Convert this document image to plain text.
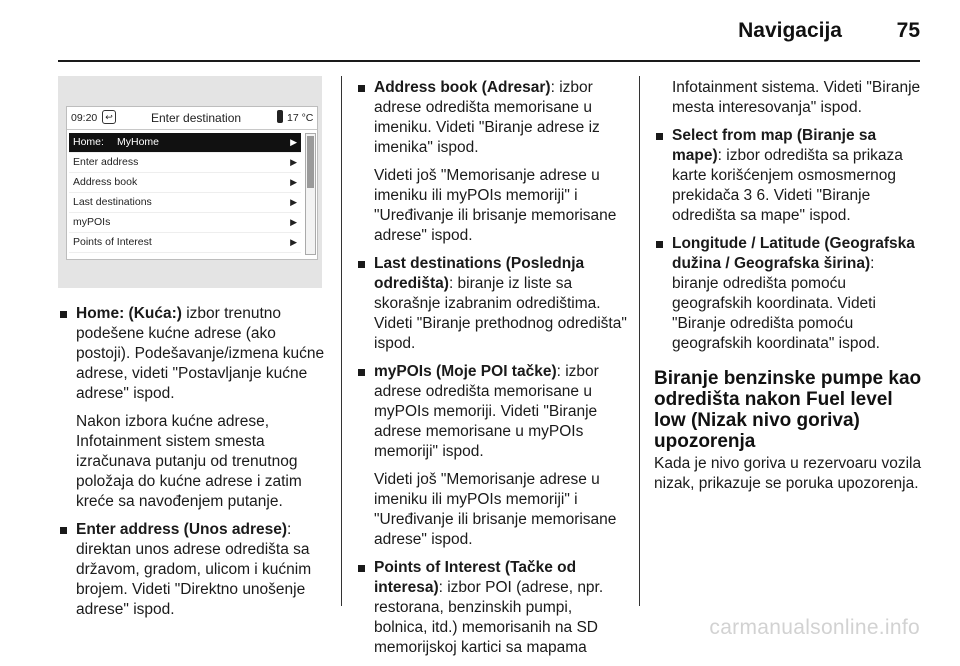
Navigacija	75
09:20 ↩	Enter destination	17 °C
Home: MyHome	▶
Enter address	▶
Address book	▶
Last destinations	▶
myPOIs	▶
Points of Interest	▶

Home: (Kuća:) izbor trenutno podešene kućne adrese (ako postoji). Podešavanje/izmena kućne adrese, videti "Postavljanje kućne adrese" ispod.

Nakon izbora kućne adrese, Infotainment sistem smesta izračunava putanju od trenutnog položaja do kućne adrese i zatim kreće sa navođenjem putanje.

Enter address (Unos adrese): direktan unos adrese odredišta sa državom, gradom, ulicom i kućnim brojem. Videti "Direktno unošenje adrese" ispod.

Address book (Adresar): izbor adrese odredišta memorisane u imeniku. Videti "Biranje adrese iz imenika" ispod.

Videti još "Memorisanje adrese u imeniku ili myPOIs memoriji" i "Uređivanje ili brisanje memorisane adrese" ispod.

Last destinations (Poslednja odredišta): biranje iz liste sa skorašnje izabranim odredištima. Videti "Biranje prethodnog odredišta" ispod.

myPOIs (Moje POI tačke): izbor adrese odredišta memorisane u myPOIs memoriji. Videti "Biranje adrese memorisane u myPOIs memoriji" ispod.

Videti još "Memorisanje adrese u imeniku ili myPOIs memoriji" i "Uređivanje ili brisanje memorisane adrese" ispod.

Points of Interest (Tačke od interesa): izbor POI (adrese, npr. restorana, benzinskih pumpi, bolnica, itd.) memorisanih na SD memorijskoj kartici sa mapama

Infotainment sistema. Videti "Biranje mesta interesovanja" ispod.

Select from map (Biranje sa mape): izbor odredišta sa prikaza karte korišćenjem osmosmernog prekidača 3 6. Videti "Biranje odredišta sa mape" ispod.

Longitude / Latitude (Geografska dužina / Geografska širina): biranje odredišta pomoću geografskih koordinata. Videti "Biranje odredišta pomoću geografskih koordinata" ispod.

Biranje benzinske pumpe kao odredišta nakon Fuel level low (Nizak nivo goriva) upozorenja

Kada je nivo goriva u rezervoaru vozila nizak, prikazuje se poruka upozorenja.

carmanualsonline.info
